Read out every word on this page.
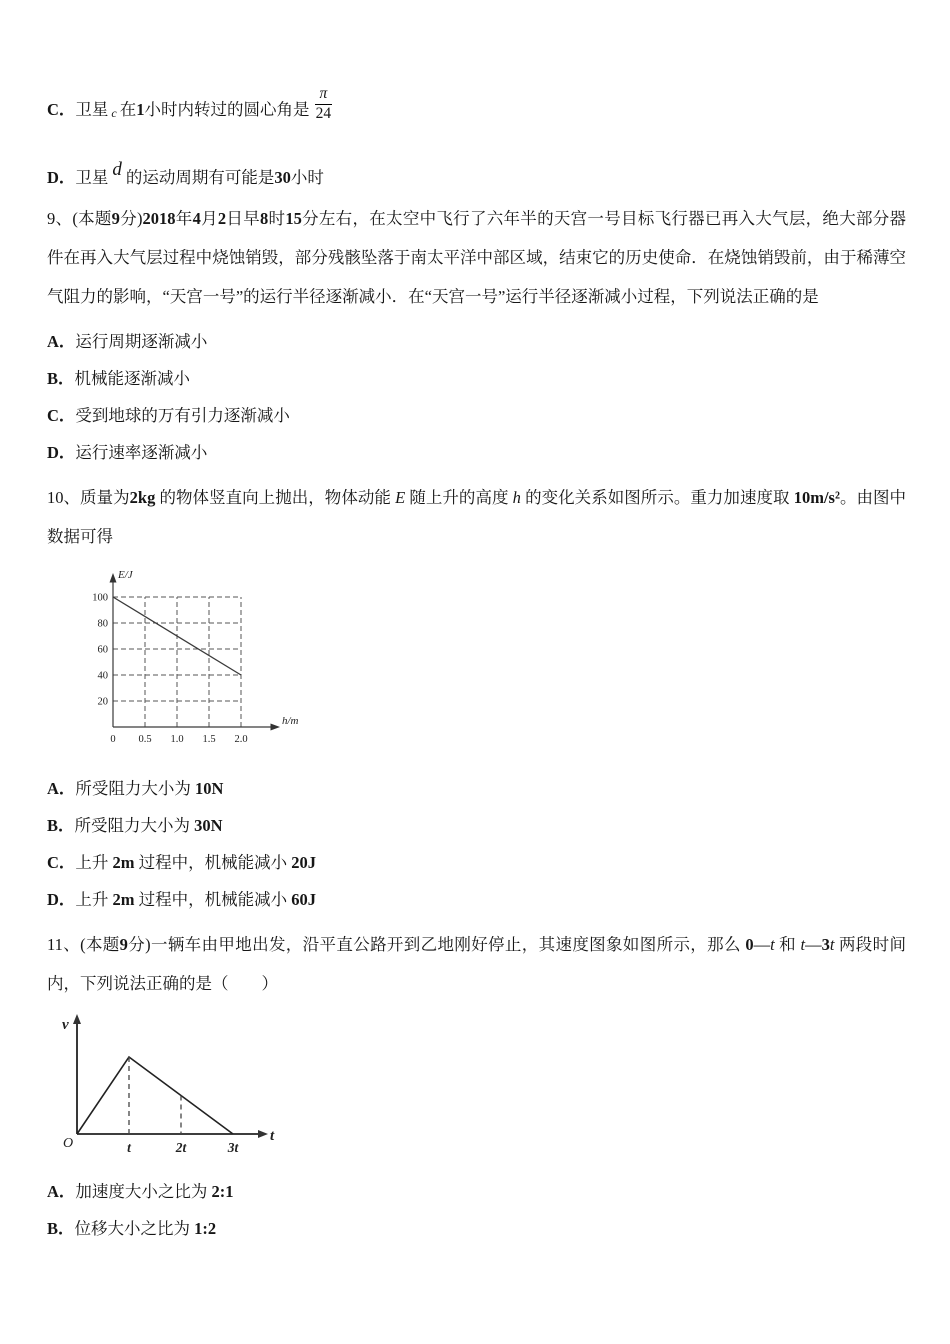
C．卫星 c 在1小时内转过的圆心角是 $\frac{\pi}{24}$
D．卫星 d 的运动周期有可能是30小时
9、(本题9分)2018年4月2日早8时15分左右，在太空中飞行了六年半的天宫一号目标飞行器已再入大气层，绝大部分器件在再入大气层过程中烧蚀销毁，部分残骸坠落于南太平洋中部区域，结束它的历史使命．在烧蚀销毁前，由于稀薄空气阻力的影响，“天宫一号”的运行半径逐渐减小．在“天宫一号”运行半径逐渐减小过程，下列说法正确的是
A．运行周期逐渐减小
B．机械能逐渐减小
C．受到地球的万有引力逐渐减小
D．运行速率逐渐减小
10、质量为2kg 的物体竖直向上抛出，物体动能 E 随上升的高度 h 的变化关系如图所示。重力加速度取 10m/s²。由图中数据可得
20
40
60
80
100
0 0.5 1.0 1.5 2.0
E/J
h/m
A．所受阻力大小为 10N
B．所受阻力大小为 30N
C．上升 2m 过程中，机械能减小 20J
D．上升 2m 过程中，机械能减小 60J
11、(本题9分)一辆车由甲地出发，沿平直公路开到乙地刚好停止，其速度图象如图所示，那么 0—t 和 t—3t 两段时间内，下列说法正确的是（　　）
v
t
O	t	2t	3t
A．加速度大小之比为 2:1
B．位移大小之比为 1:2
